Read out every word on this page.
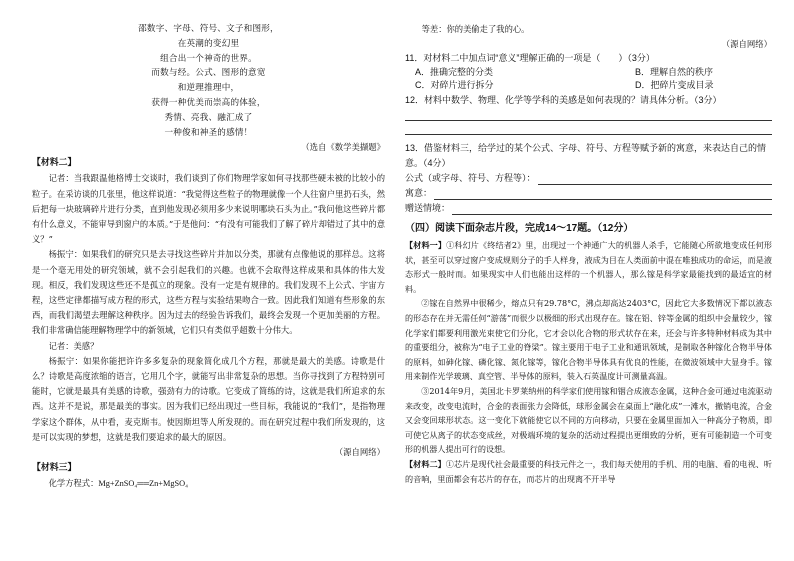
邵数字、字母、符号、文子和图形，
在英潮的变幻里
组合出一个神奇的世界。
而数与经。公式、图形的意宽
和逆理推理中，
获得一种优美而崇高的体验，
秀情、亮我、融汇成了
一种俊和神圣的感情！
（选自《数学美撷题》
【材料二】

记者：当我跟温他格博士交谈时，我们谈到了你们物理学家如何寻找那些硬未被的比较小的粒子。在采访谈的几张里，他这样说道：“我觉得这些粒子的物理就像一个人往窗户里扔石头，然后把每一块玻璃碎片进行分类，直到他发现必须用多少来说明哪块石头为止。”我问他这些碎片都有什么意义，不能审导到窗户的本质。”于是他问：“有没有可能我们了解了碎片却错过了其中的意义？”

杨振宁：如果我们的研究只是去寻找这些碎片并加以分类，那就有点像他说的那样总。这将是一个毫无用处的研究领域，就不会引起我们的兴趣。也就不会取得这样成果和具体的伟大发现。相反，我们发现这些还不是孤立的现象。没有一定是有规律的。我们发现不上公式、宇宙方程，这些定律都描写成方程的形式，这些方程与实验结果吻合一致。因此我们知道有些形象的东西，而我们渴望去理解这种秩序。因为过去的经验告诉我们，最终会发现一个更加美丽的方程。我们非常确信能理解物理学中的新领域，它们只有类似乎超数十分伟大。

记者：美感？

杨振宁：如果你能把许许多多复杂的现象简化成几个方程，那就是最大的美感。诗歌是什么？诗歌是高度浓缩的语言，它用几个字，就能写出非常复杂的思想。当你寻找到了方程特别可能时，它就是最具有美感的诗歌，强劲有力的诗歌。它变成了简练的诗，这就是我们所追求的东西。这并不是说，那是最美的事实。因为我们已经出现过一些目标，我能说的“我们”，是指物理学家这个群体，从中看，麦克斯韦。使因斯坦等人所发现的。而在研究过程中我们所发现的，这是可以实现的梦想，这就是我们要追求的最大的原因。

（源自网络）
【材料三】

化学方程式：Mg+ZnSO₄══Zn+MgSO₄

等差：你的美偷走了我的心。

（源自网络）

11．对材料二中加点词“意义”理解正确的一项是（　　）（3分）

A．推确完整的分类	B．理解自然的秩序
C．对碎片进行拆分	D．把碎片变成目录

12．材料中数学、物理、化学等学科的美感是如何表现的？请具体分析。（3分）

13．借鉴材料三，给学过的某个公式、字母、符号、方程等赋予新的寓意，来表达自己的情意。（4分）

公式（或字母、符号、方程等）：
寓意：
赠送情境：
（四）阅读下面杂志片段，完成14～17题。（12分）

【材料一】①科幻片《终结者2》里，出现过一个神通广大的机器人杀手，它能随心所欲地变成任何形状，甚至可以穿过窗户变成规则分子的手人样身，液成为目在人类面前中混在唯独成功的命运，而是液态形式一般时而。如果现实中人们也能出这样的一个机器人，那么镓是科学家最能找到的最适宜的材料。

②镓在自然界中很稀少，熔点只有29.78°C，沸点却高达2403°C，因此它大多数情况下都以液态的形态存在并无需任何“游荡”而很少以极细的形式出现存在。镓在铝、锌等金属的组织中会量较少，镓化学家们都要利用激光束使它们分化，它才会以化合物的形式状存在来，还会与许多特种材料成为其中的重要组分，被称为“电子工业的脊梁”。镓主要用于电子工业和通讯领域，是制取各种镓化合物半导体的原料，如砷化镓、磷化镓、氮化镓等，镓化合物半导体具有优良的性能，在微波领域中大显身手。镓用来制作光学玻璃、真空管、半导体的原料，装入石英温度计可测量高温。

③2014年9月，美国北卡罗莱纳州的科学家们使用镓和铟合成液态金属，这种合金可通过电流驱动来改变，改变电流时，合金的表面张力会降低，球形金属会在桌面上“融化成”一滩水，撤销电流，合金又会变回球形状态。这一变化下就能使它以不同的方向移动，只要在金属里面加入一种高分子物质，即可使它从离子的状态变成丝，对极端环境的复杂的活动过程提出更细致的分析，更有可能制造一个可变形的机器人提出可行的设想。

【材料二】①芯片是现代社会最重要的科技元件之一，我们每天使用的手机、用的电脑、看的电视、听的音响，里面都会有芯片的存在，而芯片的出现离不开半导
